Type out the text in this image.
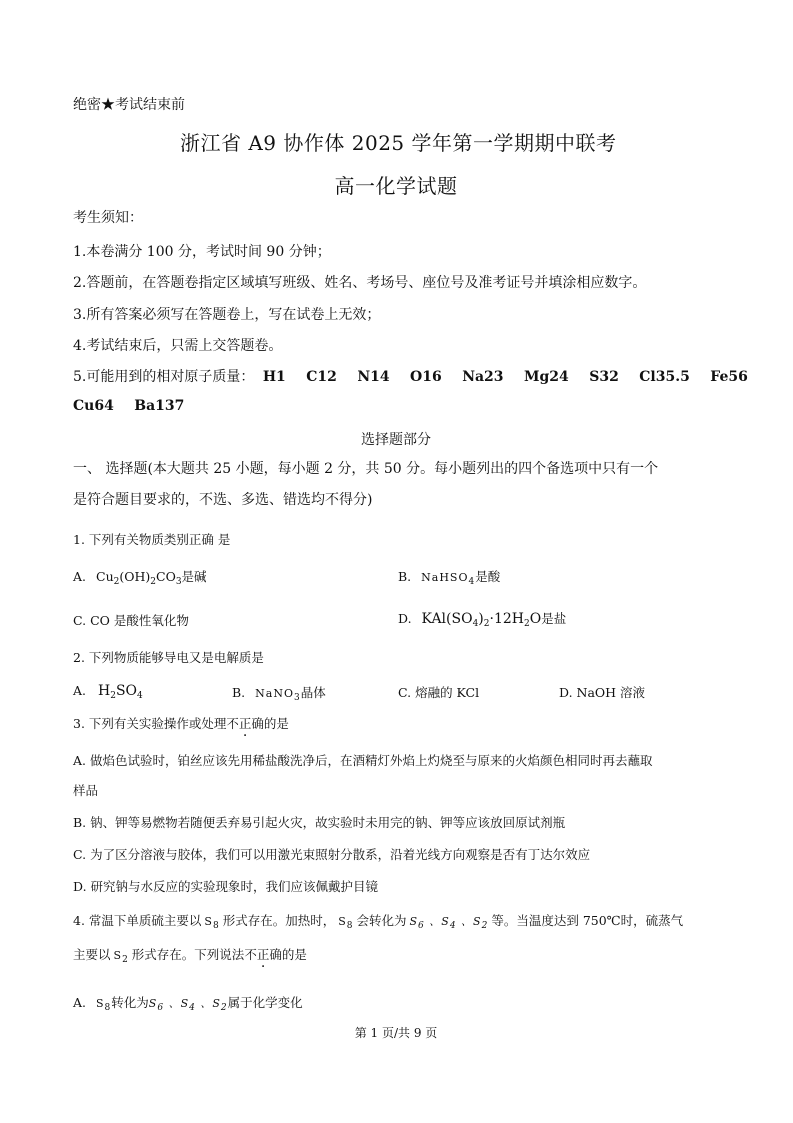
绝密★考试结束前
浙江省 A9 协作体 2025 学年第一学期期中联考
高一化学试题
考生须知：
1.本卷满分 100 分，考试时间 90 分钟；
2.答题前，在答题卷指定区域填写班级、姓名、考场号、座位号及准考证号并填涂相应数字。
3.所有答案必须写在答题卷上，写在试卷上无效；
4.考试结束后，只需上交答题卷。
5.可能用到的相对原子质量： H1 C12 N14 O16 Na23 Mg24 S32 Cl35.5 Fe56
Cu64 Ba137
选择题部分
一、 选择题(本大题共 25 小题，每小题 2 分，共 50 分。每小题列出的四个备选项中只有一个
是符合题目要求的，不选、多选、错选均不得分)
1. 下列有关物质类别正确 是
A. $Cu_2(OH)_2CO_3$是碱	B. NaHSO$_4$是酸
C. CO 是酸性氧化物	D. $KAl(SO_4)_2\cdot 12H_2O$是盐
2. 下列物质能够导电又是电解质是
A. $H_2SO_4$	B. NaNO$_3$晶体	C. 熔融的 KCl	D. NaOH 溶液
3. 下列有关实验操作或处理不正确的是
A. 做焰色试验时，铂丝应该先用稀盐酸洗净后，在酒精灯外焰上灼烧至与原来的火焰颜色相同时再去蘸取
样品
B. 钠、钾等易燃物若随便丢弃易引起火灾，故实验时未用完的钠、钾等应该放回原试剂瓶
C. 为了区分溶液与胶体，我们可以用激光束照射分散系，沿着光线方向观察是否有丁达尔效应
D. 研究钠与水反应的实验现象时，我们应该佩戴护目镜
4. 常温下单质硫主要以 $S_8$ 形式存在。加热时， $S_8$ 会转化为 $S_6$ 、$S_4$ 、$S_2$ 等。当温度达到 750℃时，硫蒸气
主要以 $S_2$ 形式存在。下列说法不正确的是
A. $S_8$转化为$S_6$ 、$S_4$ 、$S_2$属于化学变化
第 1 页/共 9 页
